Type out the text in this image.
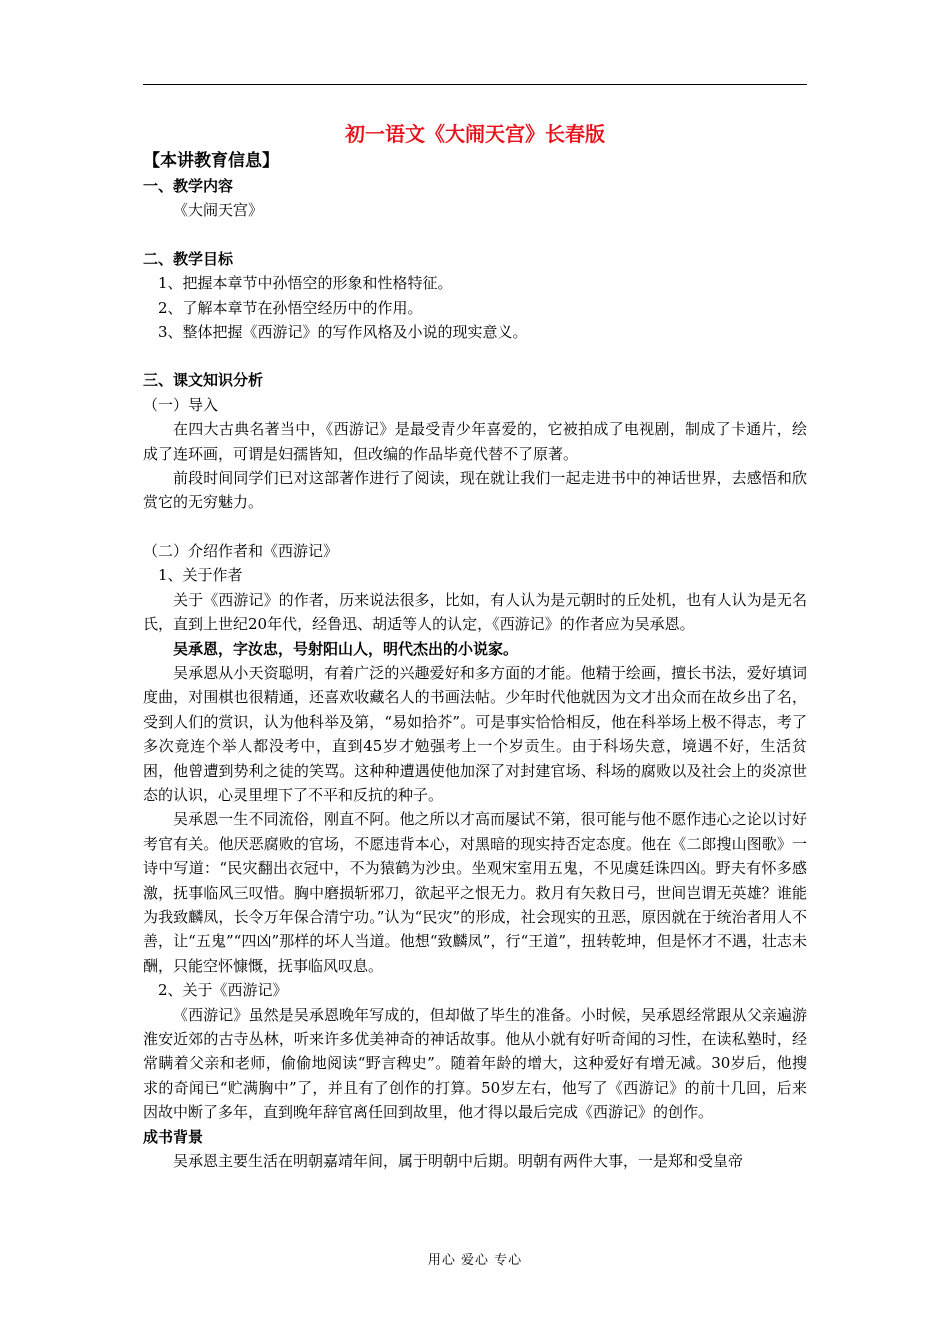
初一语文《大闹天宫》长春版
【本讲教育信息】
一、教学内容
《大闹天宫》
二、教学目标
1、把握本章节中孙悟空的形象和性格特征。
2、了解本章节在孙悟空经历中的作用。
3、整体把握《西游记》的写作风格及小说的现实意义。
三、课文知识分析
（一）导入
在四大古典名著当中，《西游记》是最受青少年喜爱的，它被拍成了电视剧，制成了卡通片，绘成了连环画，可谓是妇孺皆知，但改编的作品毕竟代替不了原著。
前段时间同学们已对这部著作进行了阅读，现在就让我们一起走进书中的神话世界，去感悟和欣赏它的无穷魅力。
（二）介绍作者和《西游记》
1、关于作者
关于《西游记》的作者，历来说法很多，比如，有人认为是元朝时的丘处机，也有人认为是无名氏，直到上世纪20年代，经鲁迅、胡适等人的认定，《西游记》的作者应为吴承恩。
吴承恩，字汝忠，号射阳山人，明代杰出的小说家。
吴承恩从小天资聪明，有着广泛的兴趣爱好和多方面的才能。他精于绘画，擅长书法，爱好填词度曲，对围棋也很精通，还喜欢收藏名人的书画法帖。少年时代他就因为文才出众而在故乡出了名，受到人们的赏识，认为他科举及第，“易如拾芥”。可是事实恰恰相反，他在科举场上极不得志，考了多次竟连个举人都没考中，直到45岁才勉强考上一个岁贡生。由于科场失意，境遇不好，生活贫困，他曾遭到势利之徒的笑骂。这种种遭遇使他加深了对封建官场、科场的腐败以及社会上的炎凉世态的认识，心灵里埋下了不平和反抗的种子。
吴承恩一生不同流俗，刚直不阿。他之所以才高而屡试不第，很可能与他不愿作违心之论以讨好考官有关。他厌恶腐败的官场，不愿违背本心，对黑暗的现实持否定态度。他在《二郎搜山图歌》一诗中写道：“民灾翻出衣冠中，不为猿鹤为沙虫。坐观宋室用五鬼，不见虞廷诛四凶。野夫有怀多感激，抚事临风三叹惜。胸中磨损斩邪刀，欲起平之恨无力。救月有矢救日弓，世间岂谓无英雄？谁能为我致麟凤，长令万年保合清宁功。”认为“民灾”的形成，社会现实的丑恶，原因就在于统治者用人不善，让“五鬼”“四凶”那样的坏人当道。他想“致麟凤”，行“王道”，扭转乾坤，但是怀才不遇，壮志未酬，只能空怀慷慨，抚事临风叹息。
2、关于《西游记》
《西游记》虽然是吴承恩晚年写成的，但却做了毕生的准备。小时候，吴承恩经常跟从父亲遍游淮安近郊的古寺丛林，听来许多优美神奇的神话故事。他从小就有好听奇闻的习性，在读私塾时，经常瞒着父亲和老师，偷偷地阅读“野言稗史”。随着年龄的增大，这种爱好有增无减。30岁后，他搜求的奇闻已“贮满胸中”了，并且有了创作的打算。50岁左右，他写了《西游记》的前十几回，后来因故中断了多年，直到晚年辞官离任回到故里，他才得以最后完成《西游记》的创作。
成书背景
吴承恩主要生活在明朝嘉靖年间，属于明朝中后期。明朝有两件大事，一是郑和受皇帝
用心 爱心 专心
